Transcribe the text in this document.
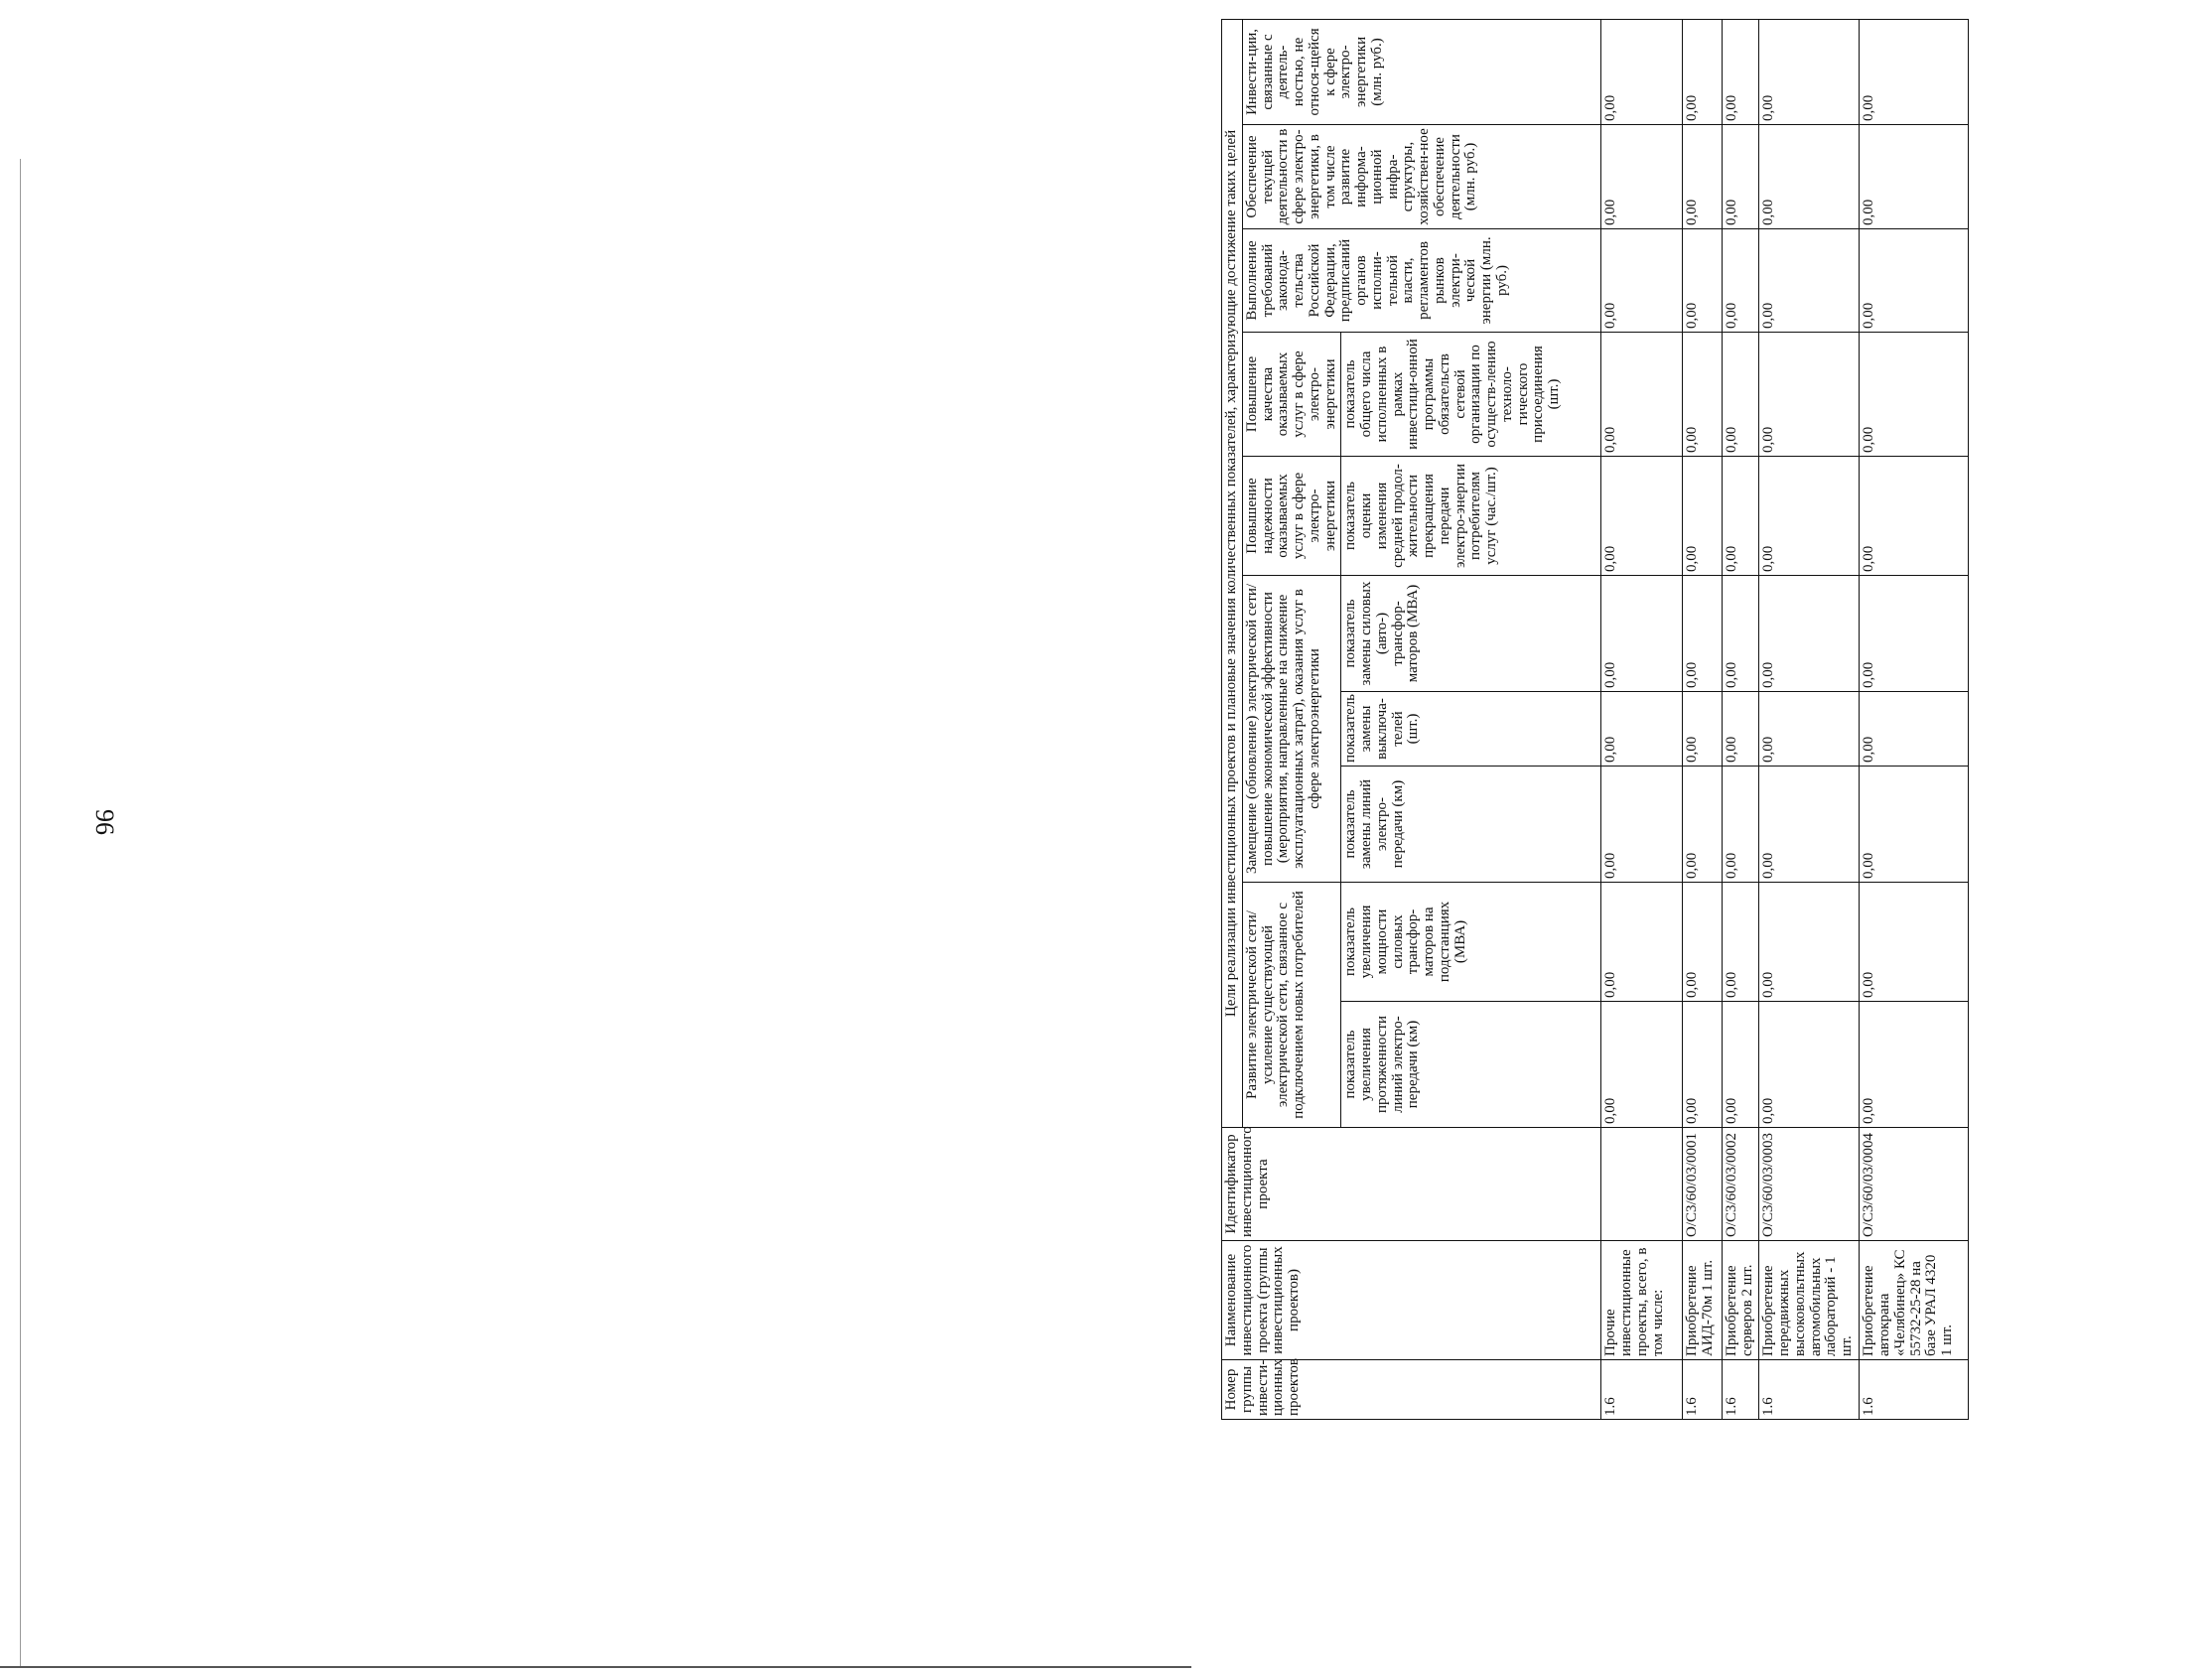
96
Номер группы инвести-ционных проектов	Наименование инвестиционного проекта (группы инвестиционных проектов)	Идентификатор инвестиционного проекта	Цели реализации инвестиционных проектов и плановые значения количественных показателей, характеризующие достижение таких целей									
			Развитие электрической сети/усиление существующей электрической сети, связанное с подключением новых потребителей		Замещение (обновление) электрической сети/повышение экономической эффективности (мероприятия, направленные на снижение эксплуатационных затрат), оказания услуг в сфере электроэнергетики			Повышение надежности оказываемых услуг в сфере электро-энергетики	Повышение качества оказываемых услуг в сфере электро-энергетики	Выполнение требований законода-тельства Российской Федерации, предписаний органов исполни-тельной власти, регламентов рынков электри-ческой энергии (млн. руб.)	Обеспечение текущей деятельности в сфере электро-энергетики, в том числе развитие информа-ционной инфра-структуры, хозяйствен-ное обеспечение деятельности (млн. руб.)	Инвести-ции, связанные с деятель-ностью, не относя-щейся к сфере электро-энергетики (млн. руб.)
			показатель увеличения протяженности линий электро-передачи (км)	показатель увеличения мощности силовых трансфор-маторов на подстанциях (МВА)	показатель замены линий электро-передачи (км)	показатель замены выключа-телей (шт.)	показатель замены силовых (авто-) трансфор-маторов (МВА)	показатель оценки изменения средней продол-жительности прекращения передачи электро-энергии потребителям услуг (час./шт.)	показатель общего числа исполненных в рамках инвестици-онной программы обязательств сетевой организации по осуществ-лению техноло-гического присоединения (шт.)			
1.6	Прочие инвестиционные проекты, всего, в том числе:		0,00	0,00	0,00	0,00	0,00	0,00	0,00	0,00	0,00	0,00
1.6	Приобретение АИД-70м 1 шт.	O/C3/60/03/0001	0,00	0,00	0,00	0,00	0,00	0,00	0,00	0,00	0,00	0,00
1.6	Приобретение серверов 2 шт.	O/C3/60/03/0002	0,00	0,00	0,00	0,00	0,00	0,00	0,00	0,00	0,00	0,00
1.6	Приобретение передвижных высоковольтных автомобильных лабораторий - 1 шт.	O/C3/60/03/0003	0,00	0,00	0,00	0,00	0,00	0,00	0,00	0,00	0,00	0,00
1.6	Приобретение автокрана «Челябинец» КС 55732-25-28 на базе УРАЛ 4320 1 шт.	O/C3/60/03/0004	0,00	0,00	0,00	0,00	0,00	0,00	0,00	0,00	0,00	0,00
